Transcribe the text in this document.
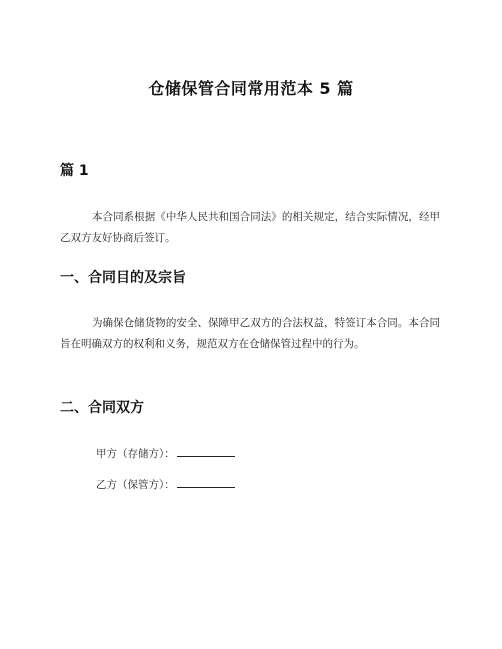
仓储保管合同常用范本 5 篇
篇 1

本合同系根据《中华人民共和国合同法》的相关规定，结合实际情况，经甲乙双方友好协商后签订。

一、合同目的及宗旨

为确保仓储货物的安全、保障甲乙双方的合法权益，特签订本合同。本合同旨在明确双方的权利和义务，规范双方在仓储保管过程中的行为。

二、合同双方
甲方（存储方）：
乙方（保管方）：
